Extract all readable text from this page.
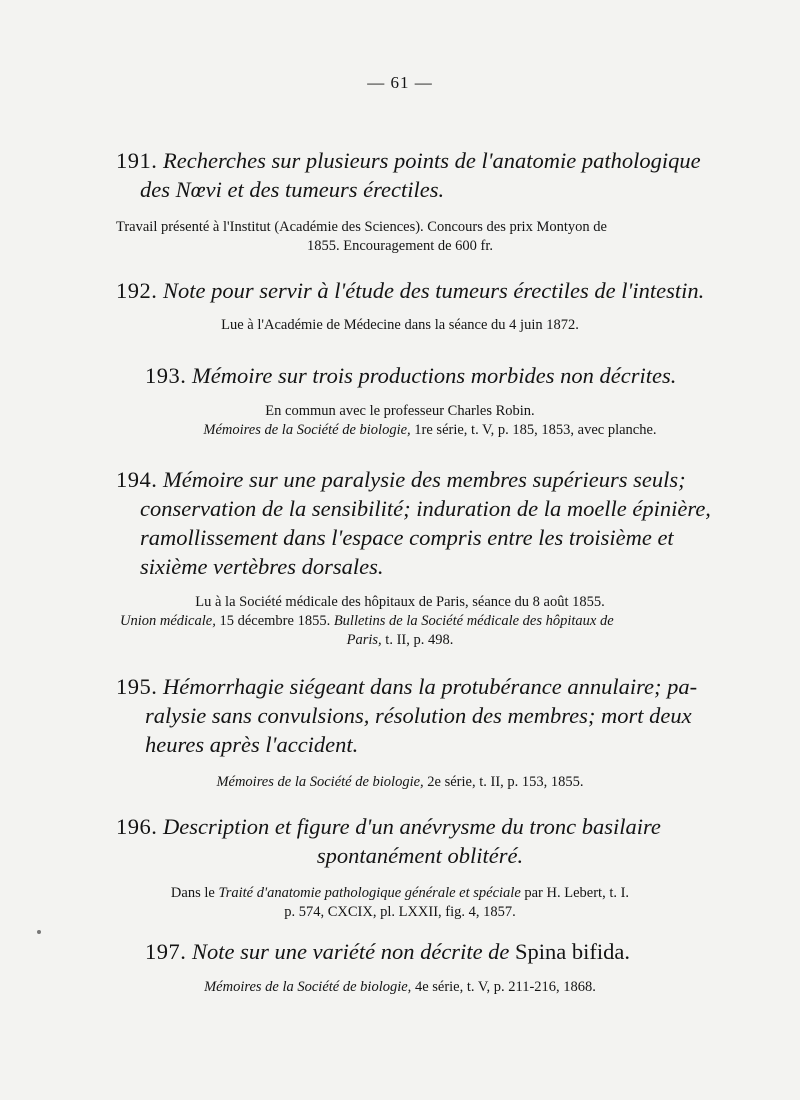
— 61 —

191. Recherches sur plusieurs points de l'anatomie pathologique

des Nœvi et des tumeurs érectiles.

Travail présenté à l'Institut (Académie des Sciences). Concours des prix Montyon de

1855. Encouragement de 600 fr.

192. Note pour servir à l'étude des tumeurs érectiles de l'intestin.

Lue à l'Académie de Médecine dans la séance du 4 juin 1872.

193. Mémoire sur trois productions morbides non décrites.

En commun avec le professeur Charles Robin.

Mémoires de la Société de biologie, 1re série, t. V, p. 185, 1853, avec planche.

194. Mémoire sur une paralysie des membres supérieurs seuls;

conservation de la sensibilité; induration de la moelle épinière,

ramollissement dans l'espace compris entre les troisième et

sixième vertèbres dorsales.

Lu à la Société médicale des hôpitaux de Paris, séance du 8 août 1855.

Union médicale, 15 décembre 1855. Bulletins de la Société médicale des hôpitaux de

Paris, t. II, p. 498.

195. Hémorrhagie siégeant dans la protubérance annulaire; pa-

ralysie sans convulsions, résolution des membres; mort deux

heures après l'accident.

Mémoires de la Société de biologie, 2e série, t. II, p. 153, 1855.

196. Description et figure d'un anévrysme du tronc basilaire

spontanément oblitéré.

Dans le Traité d'anatomie pathologique générale et spéciale par H. Lebert, t. I.

p. 574, CXCIX, pl. LXXII, fig. 4, 1857.

197. Note sur une variété non décrite de Spina bifida.

Mémoires de la Société de biologie, 4e série, t. V, p. 211-216, 1868.
